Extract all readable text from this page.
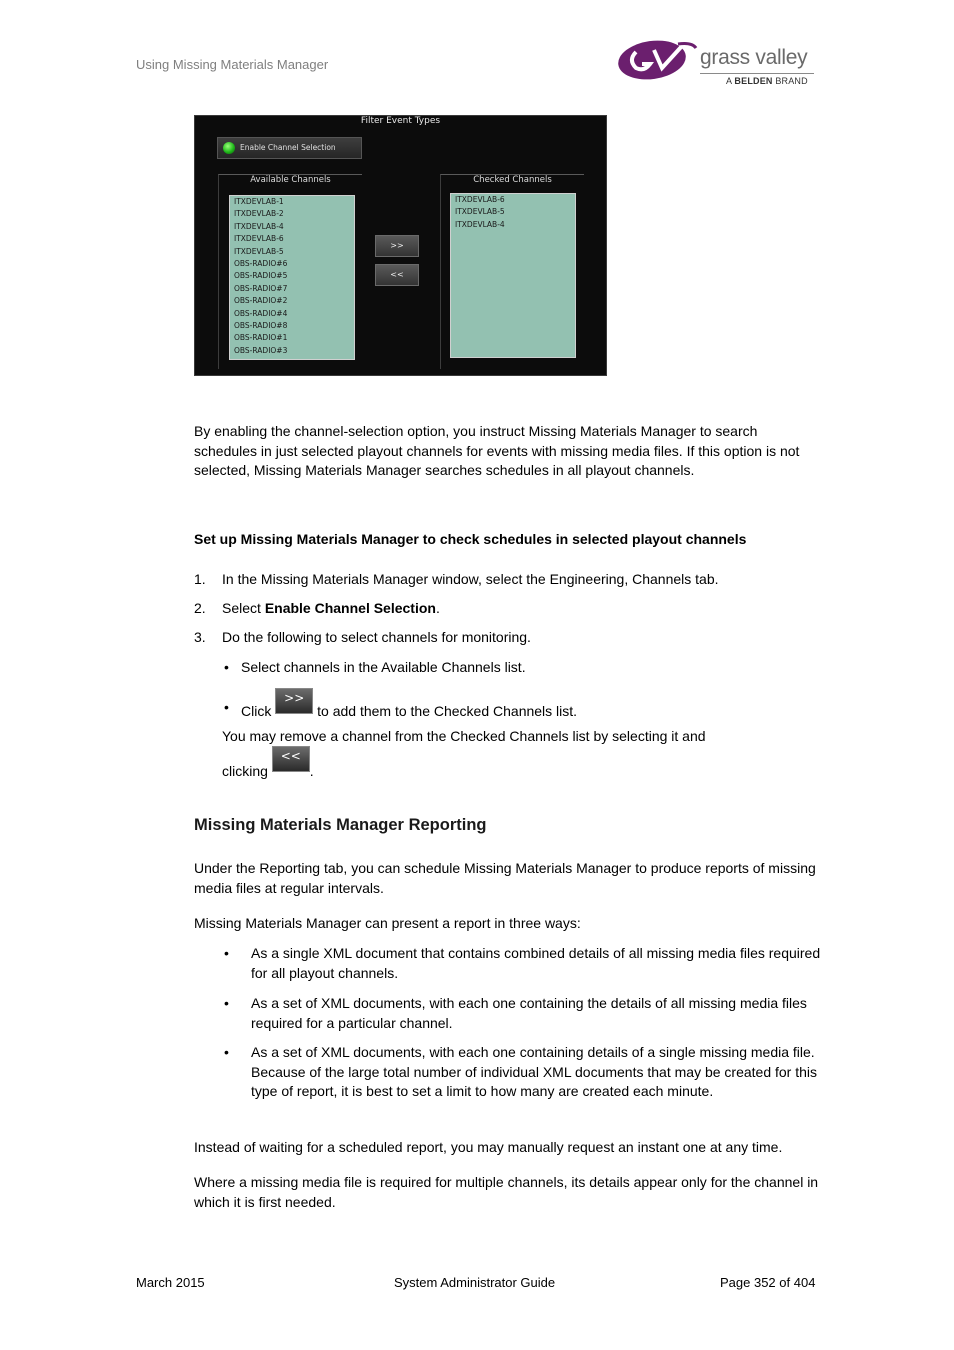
Using Missing Materials Manager	grass valley
A BELDEN BRAND
Filter Event Types
Enable Channel Selection
Available Channels
ITXDEVLAB-1
ITXDEVLAB-2
ITXDEVLAB-4
ITXDEVLAB-6
ITXDEVLAB-5
OBS-RADIO#6
OBS-RADIO#5
OBS-RADIO#7
OBS-RADIO#2
OBS-RADIO#4
OBS-RADIO#8
OBS-RADIO#1
OBS-RADIO#3
>>
<<
Checked Channels
ITXDEVLAB-6
ITXDEVLAB-5
ITXDEVLAB-4
By enabling the channel-selection option, you instruct Missing Materials Manager to search schedules in just selected playout channels for events with missing media files. If this option is not selected, Missing Materials Manager searches schedules in all playout channels.
Set up Missing Materials Manager to check schedules in selected playout channels
1. In the Missing Materials Manager window, select the Engineering, Channels tab.
2. Select Enable Channel Selection.
3. Do the following to select channels for monitoring.
• Select channels in the Available Channels list.
• Click >> to add them to the Checked Channels list.
You may remove a channel from the Checked Channels list by selecting it and
clicking <<.
Missing Materials Manager Reporting
Under the Reporting tab, you can schedule Missing Materials Manager to produce reports of missing media files at regular intervals.
Missing Materials Manager can present a report in three ways:
• As a single XML document that contains combined details of all missing media files required for all playout channels.
• As a set of XML documents, with each one containing the details of all missing media files required for a particular channel.
• As a set of XML documents, with each one containing details of a single missing media file. Because of the large total number of individual XML documents that may be created for this type of report, it is best to set a limit to how many are created each minute.
Instead of waiting for a scheduled report, you may manually request an instant one at any time.
Where a missing media file is required for multiple channels, its details appear only for the channel in which it is first needed.
March 2015	System Administrator Guide	Page 352 of 404
